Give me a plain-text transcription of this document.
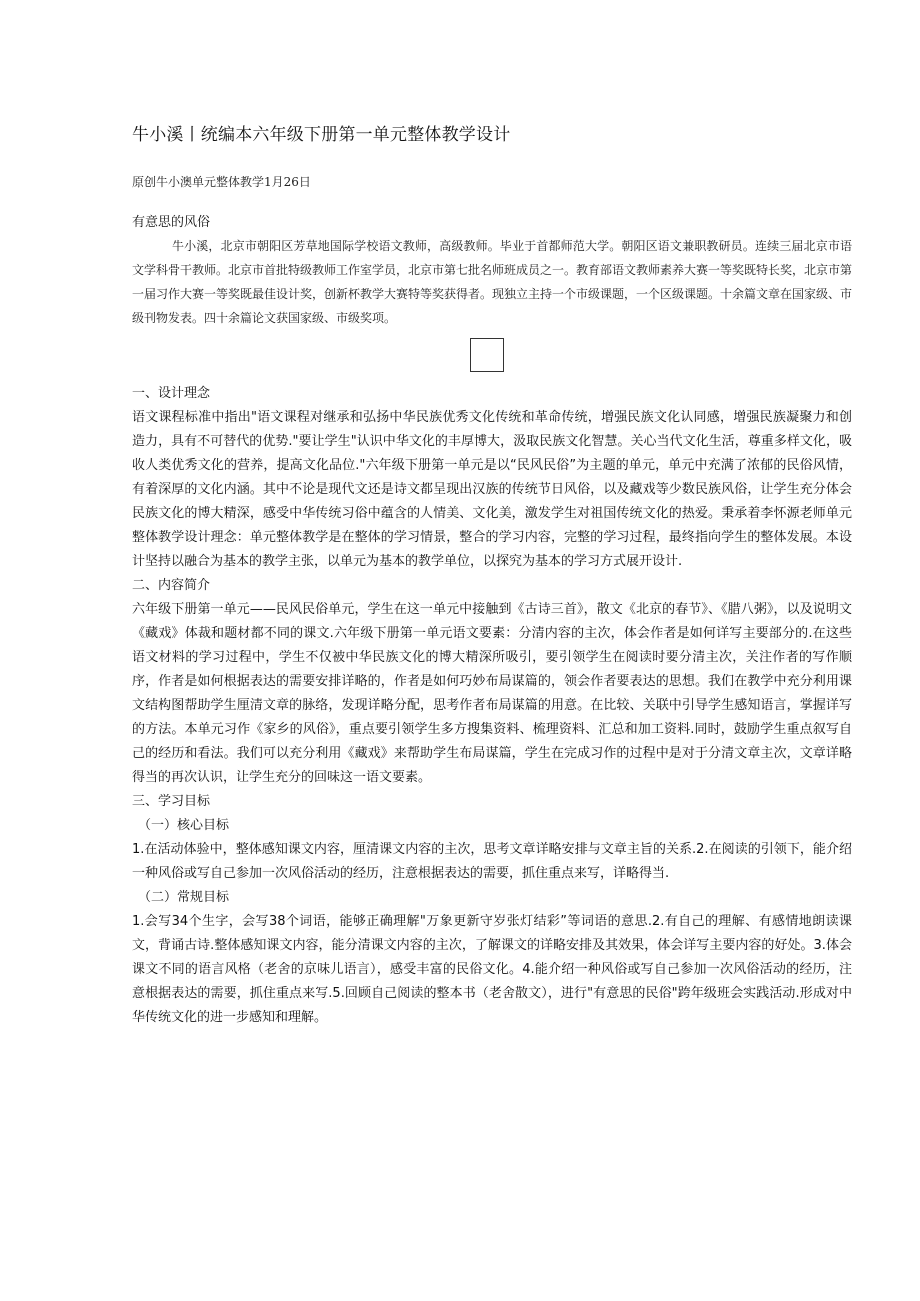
牛小溪丨统编本六年级下册第一单元整体教学设计
原创牛小澳单元整体教学1月26日
有意思的风俗

牛小溪，北京市朝阳区芳草地国际学校语文教师，高级教师。毕业于首都师范大学。朝阳区语文兼职教研员。连续三届北京市语文学科骨干教师。北京市首批特级教师工作室学员，北京市第七批名师班成员之一。教育部语文教师素养大赛一等奖既特长奖，北京市第一届习作大赛一等奖既最佳设计奖，创新杯教学大赛特等奖获得者。现独立主持一个市级课题，一个区级课题。十余篇文章在国家级、市级刊物发表。四十余篇论文获国家级、市级奖项。

一、设计理念

语文课程标准中指出"语文课程对继承和弘扬中华民族优秀文化传统和革命传统，增强民族文化认同感，增强民族凝聚力和创造力，具有不可替代的优势."要让学生"认识中华文化的丰厚博大，汲取民族文化智慧。关心当代文化生活，尊重多样文化，吸收人类优秀文化的营养，提高文化品位."六年级下册第一单元是以“民风民俗”为主题的单元，单元中充满了浓郁的民俗风情，有着深厚的文化内涵。其中不论是现代文还是诗文都呈现出汉族的传统节日风俗，以及藏戏等少数民族风俗，让学生充分体会民族文化的博大精深，感受中华传统习俗中蕴含的人情美、文化美，激发学生对祖国传统文化的热爱。秉承着李怀源老师单元整体教学设计理念：单元整体教学是在整体的学习情景，整合的学习内容，完整的学习过程，最终指向学生的整体发展。本设计坚持以融合为基本的教学主张，以单元为基本的教学单位，以探究为基本的学习方式展开设计.

二、内容简介

六年级下册第一单元——民风民俗单元，学生在这一单元中接触到《古诗三首》，散文《北京的春节》、《腊八粥》，以及说明文《藏戏》体裁和题材都不同的课文.六年级下册第一单元语文要素：分清内容的主次，体会作者是如何详写主要部分的.在这些语文材料的学习过程中，学生不仅被中华民族文化的博大精深所吸引，要引领学生在阅读时要分清主次，关注作者的写作顺序，作者是如何根据表达的需要安排详略的，作者是如何巧妙布局谋篇的，领会作者要表达的思想。我们在教学中充分利用课文结构图帮助学生厘清文章的脉络，发现详略分配，思考作者布局谋篇的用意。在比较、关联中引导学生感知语言，掌握详写的方法。本单元习作《家乡的风俗》，重点要引领学生多方搜集资料、梳理资料、汇总和加工资料.同时，鼓励学生重点叙写自己的经历和看法。我们可以充分利用《藏戏》来帮助学生布局谋篇，学生在完成习作的过程中是对于分清文章主次，文章详略得当的再次认识，让学生充分的回味这一语文要素。

三、学习目标

（一）核心目标

1.在活动体验中，整体感知课文内容，厘清课文内容的主次，思考文章详略安排与文章主旨的关系.2.在阅读的引领下，能介绍一种风俗或写自己参加一次风俗活动的经历，注意根据表达的需要，抓住重点来写，详略得当.

（二）常规目标

1.会写34个生字，会写38个词语，能够正确理解"万象更新守岁张灯结彩”等词语的意思.2.有自己的理解、有感情地朗读课文，背诵古诗.整体感知课文内容，能分清课文内容的主次，了解课文的详略安排及其效果，体会详写主要内容的好处。3.体会课文不同的语言风格（老舍的京味儿语言），感受丰富的民俗文化。4.能介绍一种风俗或写自己参加一次风俗活动的经历，注意根据表达的需要，抓住重点来写.5.回顾自己阅读的整本书（老舍散文），进行"有意思的民俗"跨年级班会实践活动.形成对中华传统文化的进一步感知和理解。
